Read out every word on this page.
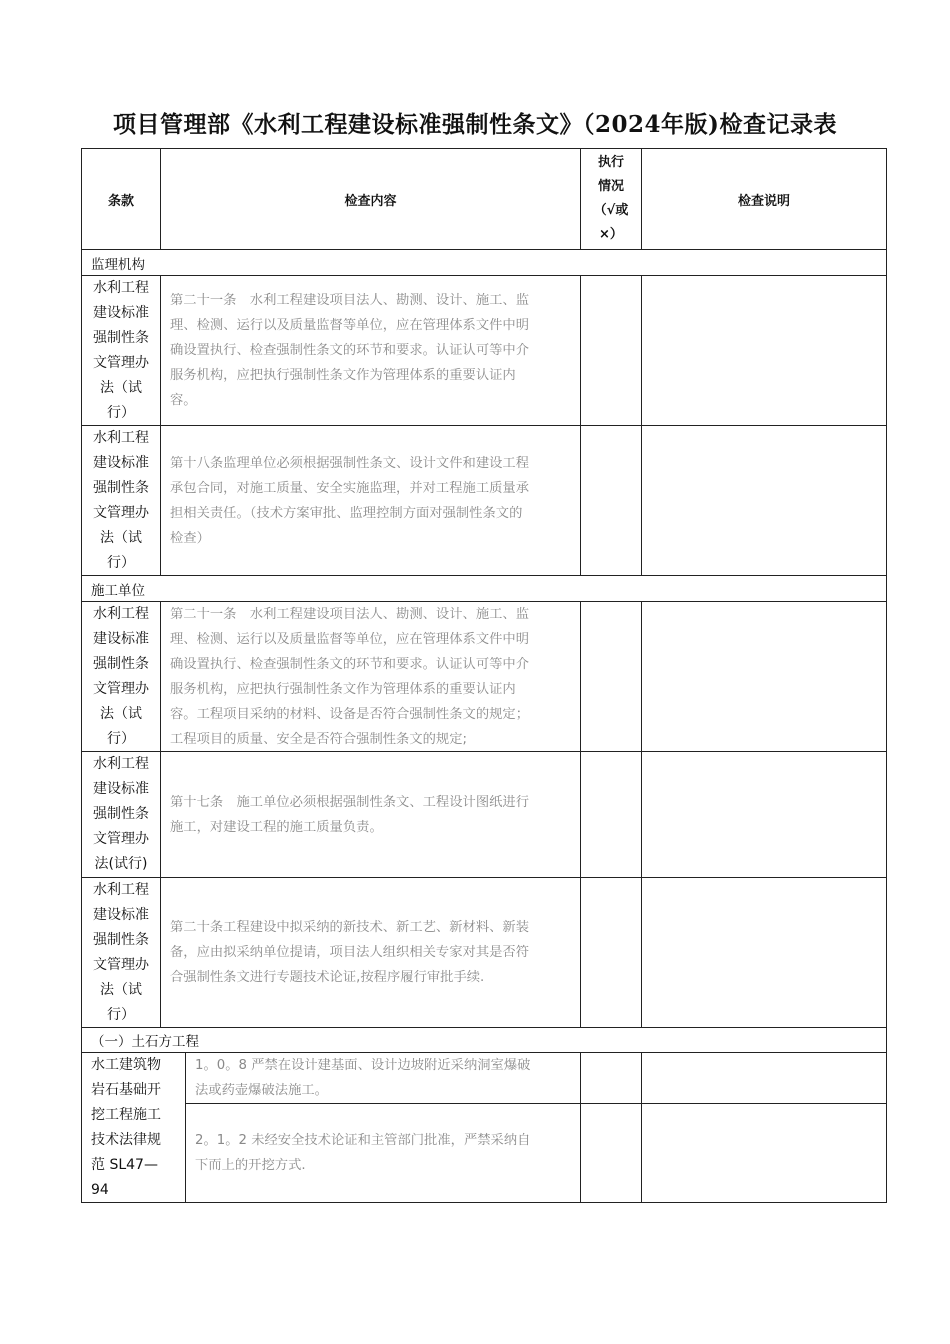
项目管理部《水利工程建设标准强制性条文》（2024年版)检查记录表
条款	检查内容
执行
情况
（√或
×）
检查说明
监理机构
水利工程
建设标准
强制性条
文管理办
法（试
行）
第二十一条　水利工程建设项目法人、勘测、设计、施工、监
理、检测、运行以及质量监督等单位，应在管理体系文件中明
确设置执行、检查强制性条文的环节和要求。认证认可等中介
服务机构，应把执行强制性条文作为管理体系的重要认证内
容。
水利工程
建设标准
强制性条
文管理办
法（试
行）
第十八条监理单位必须根据强制性条文、设计文件和建设工程
承包合同，对施工质量、安全实施监理，并对工程施工质量承
担相关责任。（技术方案审批、监理控制方面对强制性条文的
检查）
施工单位
水利工程
建设标准
强制性条
文管理办
法（试
行）
第二十一条　水利工程建设项目法人、勘测、设计、施工、监
理、检测、运行以及质量监督等单位，应在管理体系文件中明
确设置执行、检查强制性条文的环节和要求。认证认可等中介
服务机构，应把执行强制性条文作为管理体系的重要认证内
容。工程项目采纳的材料、设备是否符合强制性条文的规定；
工程项目的质量、安全是否符合强制性条文的规定;
水利工程
建设标准
强制性条
文管理办
法(试行)
第十七条　施工单位必须根据强制性条文、工程设计图纸进行
施工，对建设工程的施工质量负责。
水利工程
建设标准
强制性条
文管理办
法（试
行）
第二十条工程建设中拟采纳的新技术、新工艺、新材料、新装
备，应由拟采纳单位提请，项目法人组织相关专家对其是否符
合强制性条文进行专题技术论证,按程序履行审批手续.
（一）土石方工程
水工建筑物
岩石基础开
挖工程施工
技术法律规
范 SL47—
94
1。0。8 严禁在设计建基面、设计边坡附近采纳洞室爆破
法或药壶爆破法施工。
2。1。2 未经安全技术论证和主管部门批准，严禁采纳自
下而上的开挖方式.
